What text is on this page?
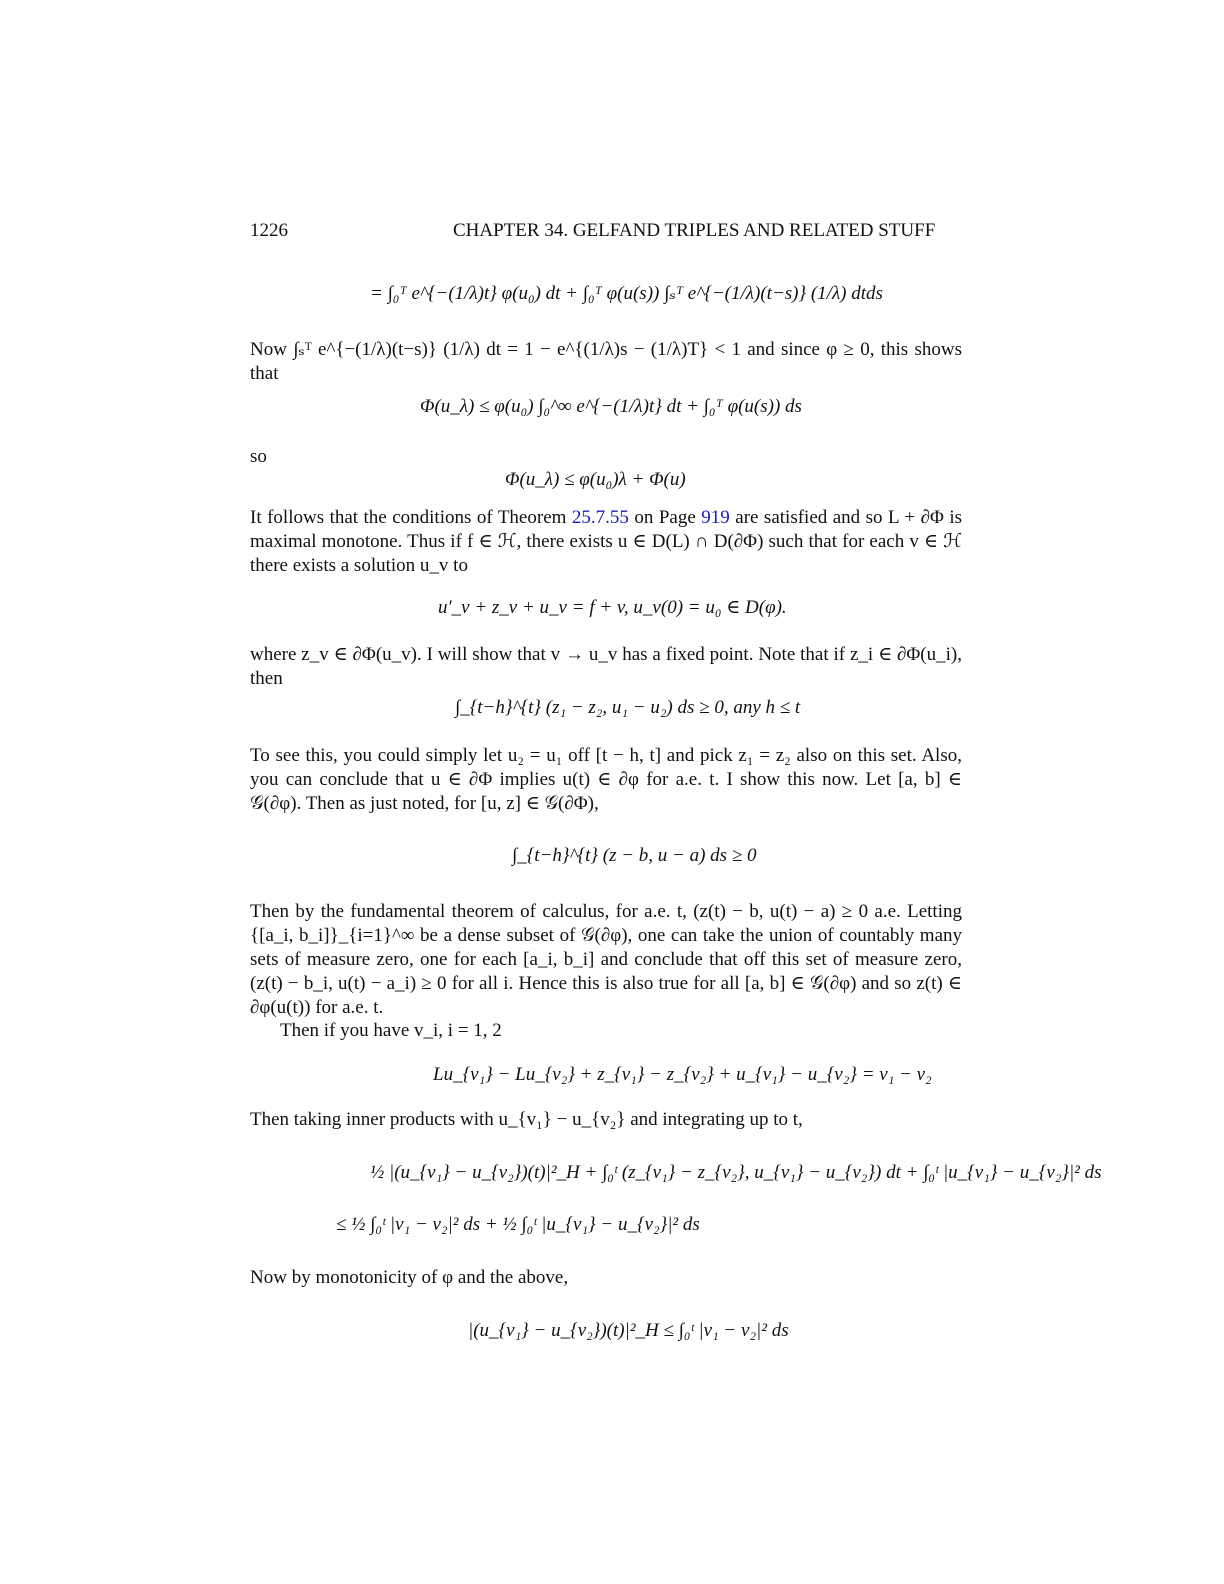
1226	CHAPTER 34. GELFAND TRIPLES AND RELATED STUFF
= ∫₀ᵀ e^{−(1/λ)t} φ(u₀) dt + ∫₀ᵀ φ(u(s)) ∫ₛᵀ e^{−(1/λ)(t−s)} (1/λ) dtds
Now ∫ₛᵀ e^{−(1/λ)(t−s)} (1/λ) dt = 1 − e^{(1/λ)s − (1/λ)T} < 1 and since φ ≥ 0, this shows that
Φ(u_λ) ≤ φ(u₀) ∫₀^∞ e^{−(1/λ)t} dt + ∫₀ᵀ φ(u(s)) ds
so
Φ(u_λ) ≤ φ(u₀)λ + Φ(u)
It follows that the conditions of Theorem 25.7.55 on Page 919 are satisfied and so L + ∂Φ is maximal monotone. Thus if f ∈ ℋ, there exists u ∈ D(L) ∩ D(∂Φ) such that for each v ∈ ℋ there exists a solution u_v to
u′_v + z_v + u_v = f + v, u_v(0) = u₀ ∈ D(φ).
where z_v ∈ ∂Φ(u_v). I will show that v → u_v has a fixed point. Note that if z_i ∈ ∂Φ(u_i), then
∫_{t−h}^{t} (z₁ − z₂, u₁ − u₂) ds ≥ 0, any h ≤ t
To see this, you could simply let u₂ = u₁ off [t − h, t] and pick z₁ = z₂ also on this set. Also, you can conclude that u ∈ ∂Φ implies u(t) ∈ ∂φ for a.e. t. I show this now. Let [a, b] ∈ 𝒢(∂φ). Then as just noted, for [u, z] ∈ 𝒢(∂Φ),
∫_{t−h}^{t} (z − b, u − a) ds ≥ 0
Then by the fundamental theorem of calculus, for a.e. t, (z(t) − b, u(t) − a) ≥ 0 a.e. Letting {[a_i, b_i]}_{i=1}^∞ be a dense subset of 𝒢(∂φ), one can take the union of countably many sets of measure zero, one for each [a_i, b_i] and conclude that off this set of measure zero, (z(t) − b_i, u(t) − a_i) ≥ 0 for all i. Hence this is also true for all [a, b] ∈ 𝒢(∂φ) and so z(t) ∈ ∂φ(u(t)) for a.e. t.
Then if you have v_i, i = 1, 2
Lu_{v₁} − Lu_{v₂} + z_{v₁} − z_{v₂} + u_{v₁} − u_{v₂} = v₁ − v₂
Then taking inner products with u_{v₁} − u_{v₂} and integrating up to t,
½ |(u_{v₁} − u_{v₂})(t)|²_H + ∫₀ᵗ (z_{v₁} − z_{v₂}, u_{v₁} − u_{v₂}) dt + ∫₀ᵗ |u_{v₁} − u_{v₂}|² ds
≤ ½ ∫₀ᵗ |v₁ − v₂|² ds + ½ ∫₀ᵗ |u_{v₁} − u_{v₂}|² ds
Now by monotonicity of φ and the above,
|(u_{v₁} − u_{v₂})(t)|²_H ≤ ∫₀ᵗ |v₁ − v₂|² ds
